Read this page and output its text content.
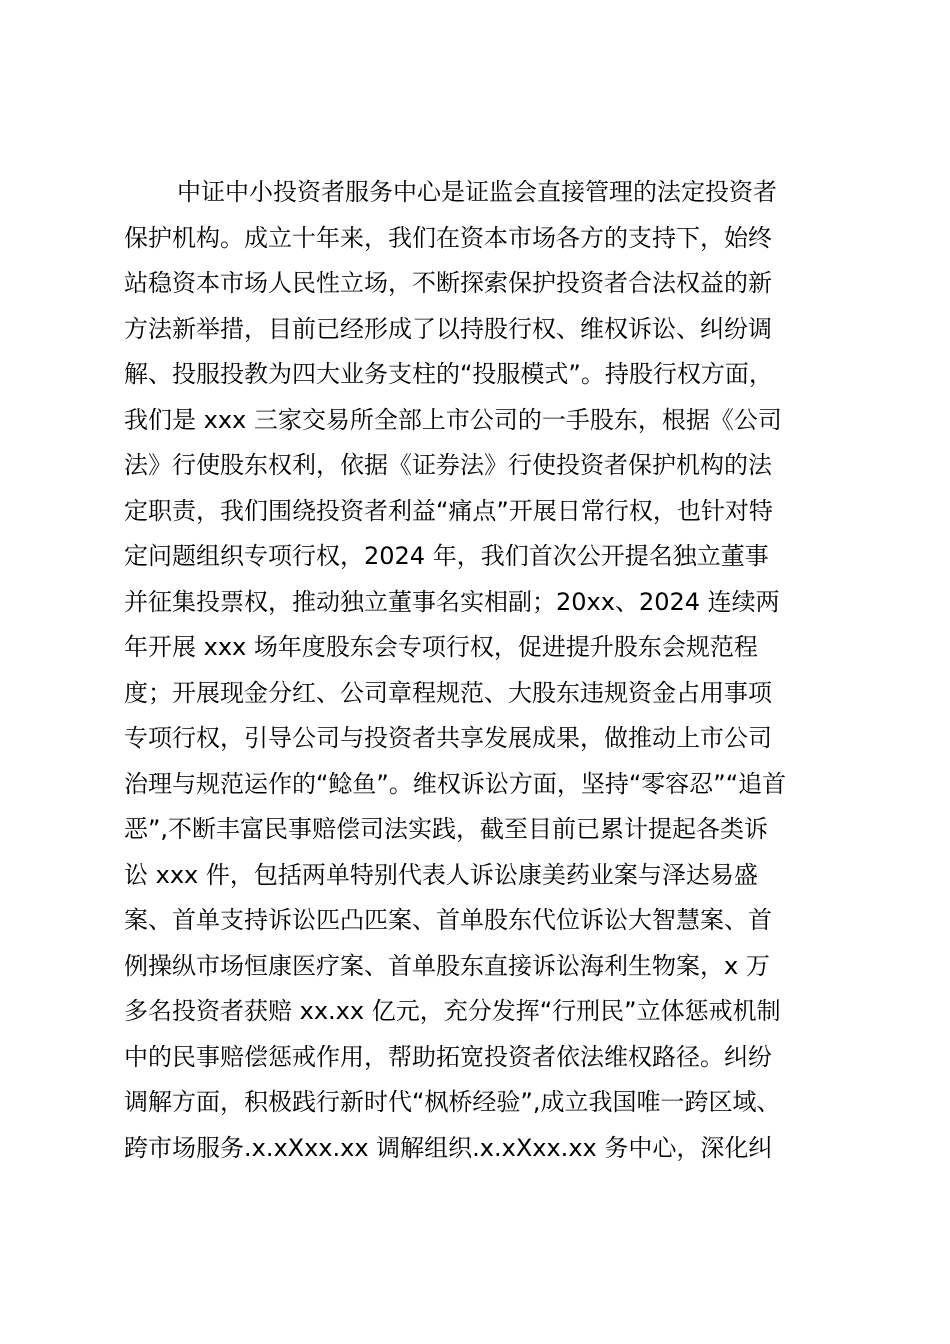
中证中小投资者服务中心是证监会直接管理的法定投资者
保护机构。成立十年来，我们在资本市场各方的支持下，始终
站稳资本市场人民性立场，不断探索保护投资者合法权益的新
方法新举措，目前已经形成了以持股行权、维权诉讼、纠纷调
解、投服投教为四大业务支柱的“投服模式”。持股行权方面，
我们是 xxx 三家交易所全部上市公司的一手股东，根据《公司
法》行使股东权利，依据《证券法》行使投资者保护机构的法
定职责，我们围绕投资者利益“痛点”开展日常行权，也针对特
定问题组织专项行权，2024 年，我们首次公开提名独立董事
并征集投票权，推动独立董事名实相副；20xx、2024 连续两
年开展 xxx 场年度股东会专项行权，促进提升股东会规范程
度；开展现金分红、公司章程规范、大股东违规资金占用事项
专项行权，引导公司与投资者共享发展成果，做推动上市公司
治理与规范运作的“鲶鱼”。维权诉讼方面，坚持“零容忍”“追首
恶”,不断丰富民事赔偿司法实践，截至目前已累计提起各类诉
讼 xxx 件，包括两单特别代表人诉讼康美药业案与泽达易盛
案、首单支持诉讼匹凸匹案、首单股东代位诉讼大智慧案、首
例操纵市场恒康医疗案、首单股东直接诉讼海利生物案，x 万
多名投资者获赔 xx.xx 亿元，充分发挥“行刑民”立体惩戒机制
中的民事赔偿惩戒作用，帮助拓宽投资者依法维权路径。纠纷
调解方面，积极践行新时代“枫桥经验”,成立我国唯一跨区域、
跨市场服务.x.xXxx.xx 调解组织.x.xXxx.xx 务中心，深化纠
